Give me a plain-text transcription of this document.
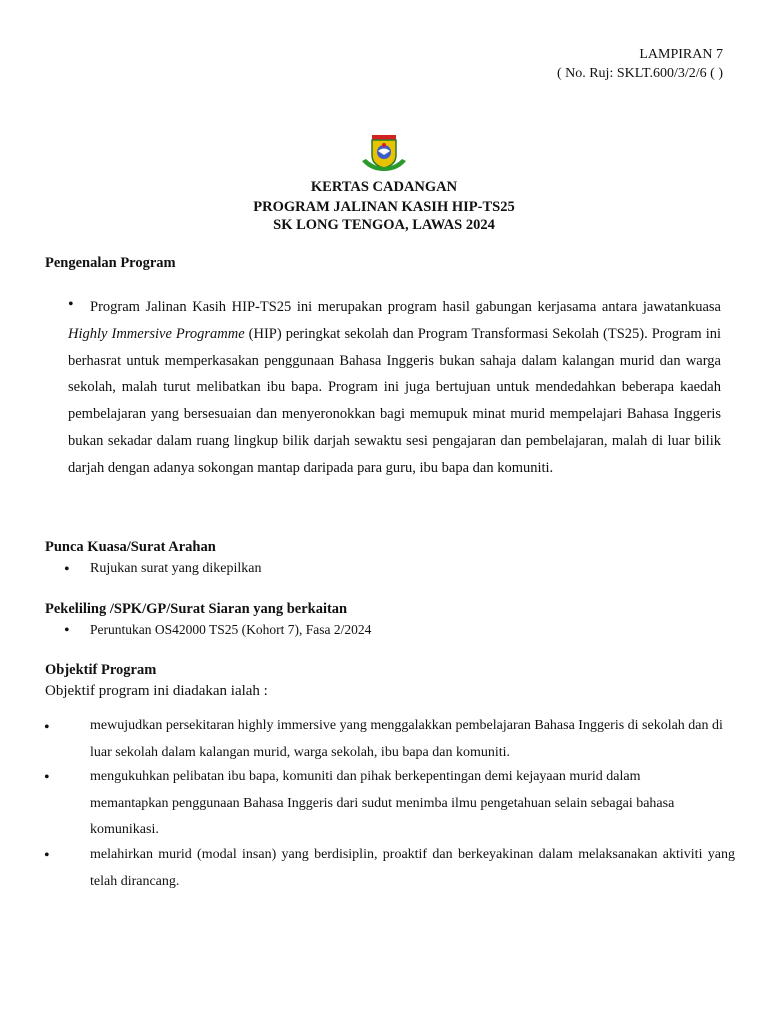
LAMPIRAN 7
( No. Ruj: SKLT.600/3/2/6 ( )
KERTAS CADANGAN
PROGRAM JALINAN KASIH HIP-TS25
SK LONG TENGOA, LAWAS 2024
Pengenalan Program
•	Program Jalinan Kasih HIP-TS25 ini merupakan program hasil gabungan kerjasama antara jawatankuasa Highly Immersive Programme (HIP) peringkat sekolah dan Program Transformasi Sekolah (TS25). Program ini berhasrat untuk memperkasakan penggunaan Bahasa Inggeris bukan sahaja dalam kalangan murid dan warga sekolah, malah turut melibatkan ibu bapa. Program ini juga bertujuan untuk mendedahkan beberapa kaedah pembelajaran yang bersesuaian dan menyeronokkan bagi memupuk minat murid mempelajari Bahasa Inggeris bukan sekadar dalam ruang lingkup bilik darjah sewaktu sesi pengajaran dan pembelajaran, malah di luar bilik darjah dengan adanya sokongan mantap daripada para guru, ibu bapa dan komuniti.
Punca Kuasa/Surat Arahan
• Rujukan surat yang dikepilkan
Pekeliling /SPK/GP/Surat Siaran yang berkaitan
• Peruntukan OS42000 TS25 (Kohort 7), Fasa 2/2024
Objektif Program
Objektif program ini diadakan ialah :
•	mewujudkan persekitaran highly immersive yang menggalakkan pembelajaran Bahasa Inggeris di sekolah dan di luar sekolah dalam kalangan murid, warga sekolah, ibu bapa dan komuniti.
•	mengukuhkan pelibatan ibu bapa, komuniti dan pihak berkepentingan demi kejayaan murid dalam memantapkan penggunaan Bahasa Inggeris dari sudut menimba ilmu pengetahuan selain sebagai bahasa komunikasi.
•	melahirkan murid (modal insan) yang berdisiplin, proaktif dan berkeyakinan dalam melaksanakan aktiviti yang telah dirancang.
